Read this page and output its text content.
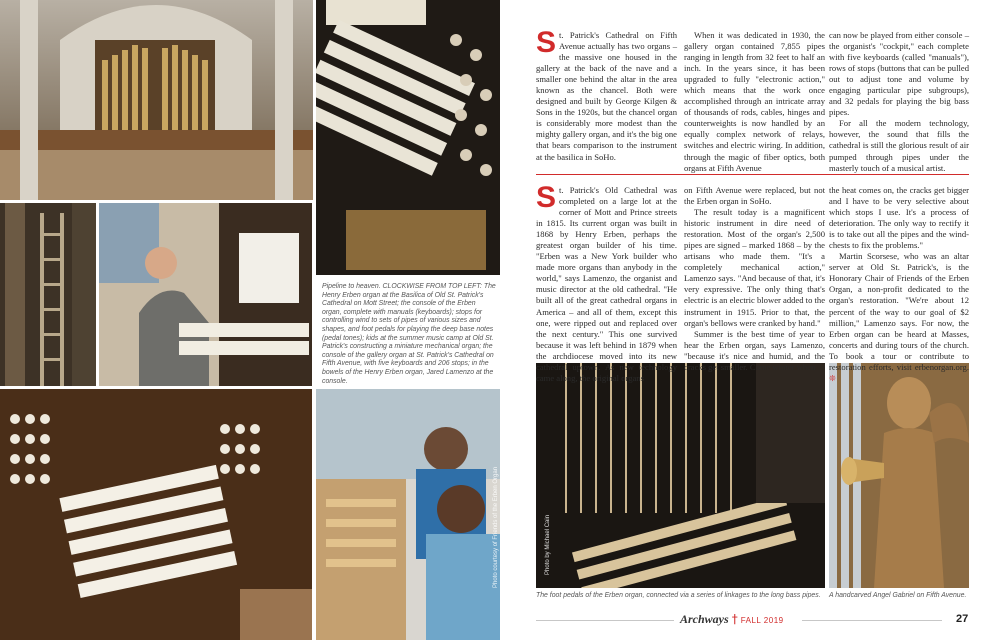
Photo courtesy of Friends of the Erben Organ	Photo by Michael Cain
Pipeline to heaven. CLOCKWISE FROM TOP LEFT: The Henry Erben organ at the Basilica of Old St. Patrick's Cathedral on Mott Street; the console of the Erben organ, complete with manuals (keyboards); stops for controlling wind to sets of pipes of various sizes and shapes, and foot pedals for playing the deep base notes (pedal tones); kids at the summer music camp at Old St. Patrick's constructing a miniature mechanical organ; the console of the gallery organ at St. Patrick's Cathedral on Fifth Avenue, with five keyboards and 206 stops; in the bowels of the Henry Erben organ, Jared Lamenzo at the console.

St. Patrick's Cathedral on Fifth Avenue actually has two organs – the massive one housed in the gallery at the back of the nave and a smaller one behind the altar in the area known as the chancel. Both were designed and built by George Kilgen & Sons in the 1920s, but the chancel organ is considerably more modest than the mighty gallery organ, and it's the big one that bears comparison to the instrument at the basilica in SoHo.

When it was dedicated in 1930, the gallery organ contained 7,855 pipes ranging in length from 32 feet to half an inch. In the years since, it has been upgraded to fully "electronic action," which means that the work once accomplished through an intricate array of thousands of rods, cables, hinges and counterweights is now handled by an equally complex network of relays, switches and electric wiring. In addition, through the magic of fiber optics, both organs at Fifth Avenue

can now be played from either console – the organist's "cockpit," each complete with five keyboards (called "manuals"), rows of stops (buttons that can be pulled out to adjust tone and volume by engaging particular pipe subgroups), and 32 pedals for playing the big bass pipes.

For all the modern technology, however, the sound that fills the cathedral is still the glorious result of air pumped through pipes under the masterly touch of a musical artist.

St. Patrick's Old Cathedral was completed on a large lot at the corner of Mott and Prince streets in 1815. Its current organ was built in 1868 by Henry Erben, perhaps the greatest organ builder of his time. "Erben was a New York builder who made more organs than anybody in the world," says Lamenzo, the organist and music director at the old cathedral. "He built all of the great cathedral organs in America – and all of them, except this one, were ripped out and replaced over the next century." This one survived because it was left behind in 1879 when the archdiocese moved into its new cathedral uptown. As new technology came along, the original organs

on Fifth Avenue were replaced, but not the Erben organ in SoHo.

The result today is a magnificent historic instrument in dire need of restoration. Most of the organ's 2,500 pipes are signed – marked 1868 – by the artisans who made them. "It's a completely mechanical action," Lamenzo says. "And because of that, it's very expressive. The only thing that's electric is an electric blower added to the instrument in 1915. Prior to that, the organ's bellows were cranked by hand."

Summer is the best time of year to hear the Erben organ, says Lamenzo, "because it's nice and humid, and the cracks get smaller. Come winter when

the heat comes on, the cracks get bigger and I have to be very selective about which stops I use. It's a process of deterioration. The only way to rectify it is to take out all the pipes and the wind-chests to fix the problems."

Martin Scorsese, who was an altar server at Old St. Patrick's, is the Honorary Chair of Friends of the Erben Organ, a non-profit dedicated to the organ's restoration. "We're about 12 percent of the way to our goal of $2 million," Lamenzo says. For now, the Erben organ can be heard at Masses, concerts and during tours of the church. To book a tour or contribute to restoration efforts, visit erbenorgan.org. ❊

The foot pedals of the Erben organ, connected via a series of linkages to the long bass pipes. A handcarved Angel Gabriel on Fifth Avenue.
Archways † FALL 2019	27
